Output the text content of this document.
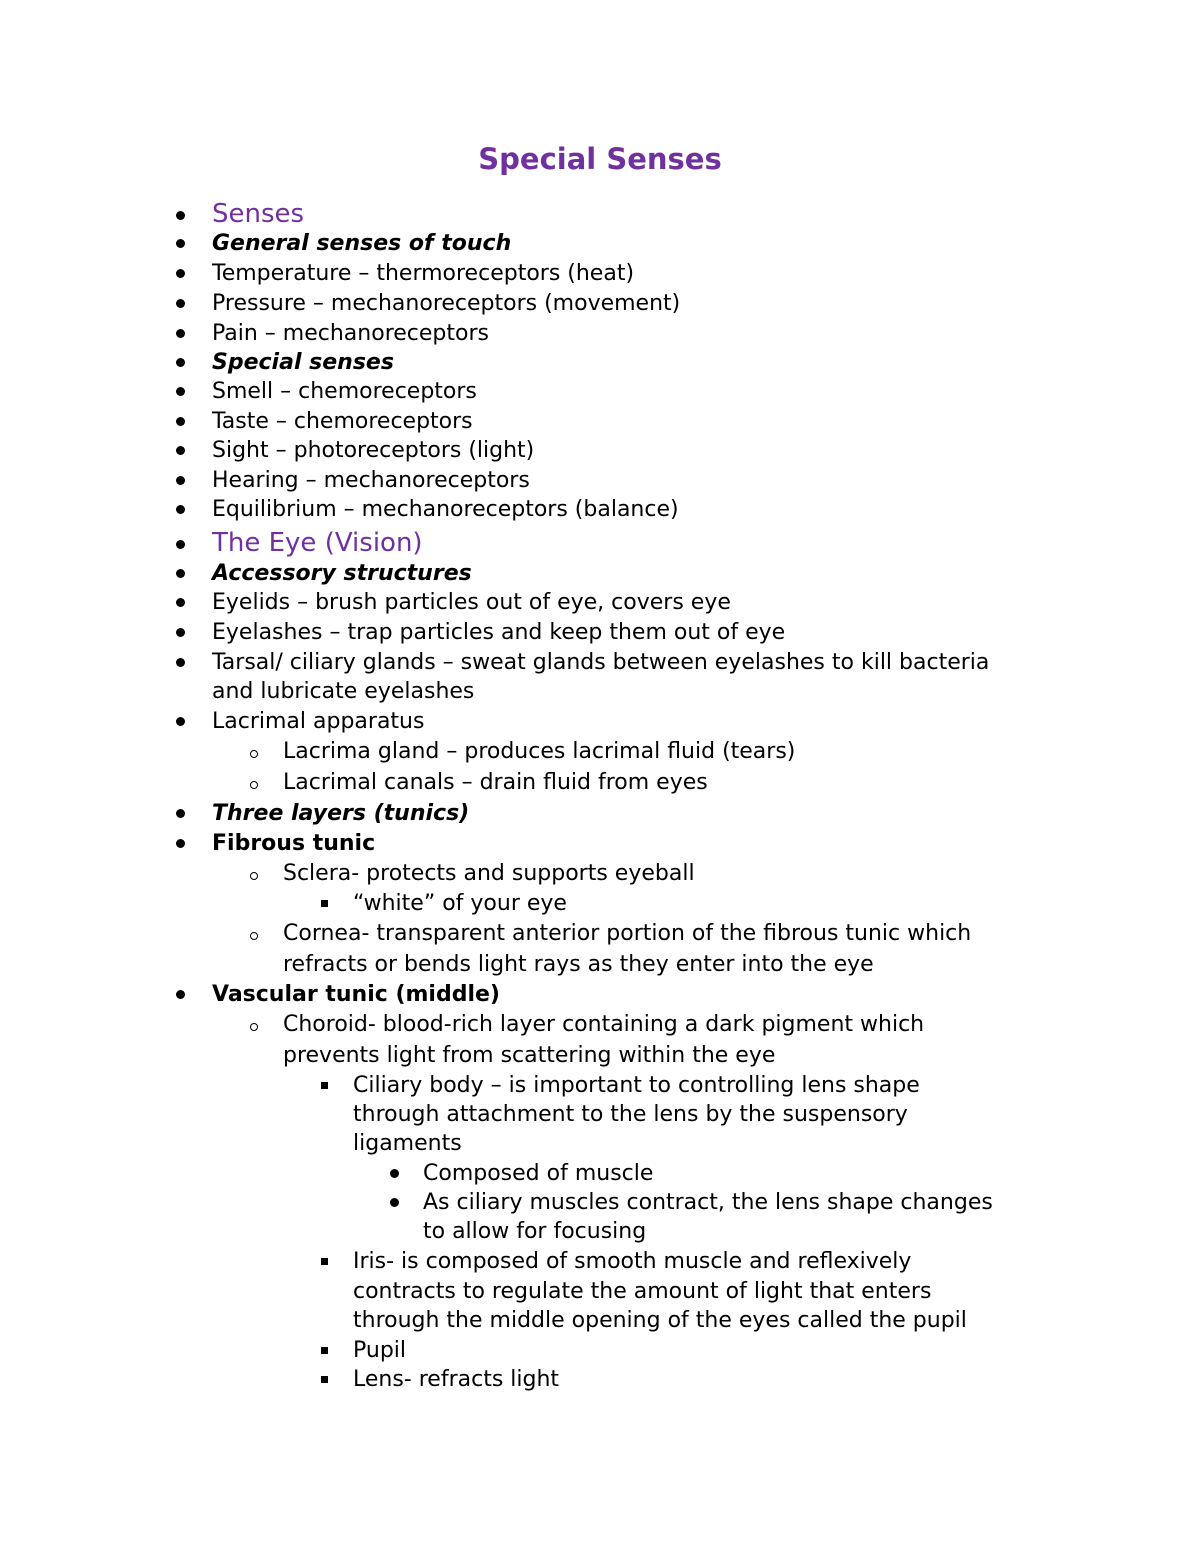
Special Senses
Senses
General senses of touch
Temperature – thermoreceptors (heat)
Pressure – mechanoreceptors (movement)
Pain – mechanoreceptors
Special senses
Smell – chemoreceptors
Taste – chemoreceptors
Sight – photoreceptors (light)
Hearing – mechanoreceptors
Equilibrium – mechanoreceptors (balance)
The Eye (Vision)
Accessory structures
Eyelids – brush particles out of eye, covers eye
Eyelashes – trap particles and keep them out of eye
Tarsal/ ciliary glands – sweat glands between eyelashes to kill bacteria
and lubricate eyelashes
Lacrimal apparatus
Lacrima gland – produces lacrimal fluid (tears)
Lacrimal canals – drain fluid from eyes
Three layers (tunics)
Fibrous tunic
Sclera- protects and supports eyeball
“white” of your eye
Cornea- transparent anterior portion of the fibrous tunic which
refracts or bends light rays as they enter into the eye
Vascular tunic (middle)
Choroid- blood-rich layer containing a dark pigment which
prevents light from scattering within the eye
Ciliary body – is important to controlling lens shape
through attachment to the lens by the suspensory
ligaments
Composed of muscle
As ciliary muscles contract, the lens shape changes
to allow for focusing
Iris- is composed of smooth muscle and reflexively
contracts to regulate the amount of light that enters
through the middle opening of the eyes called the pupil
Pupil
Lens- refracts light
